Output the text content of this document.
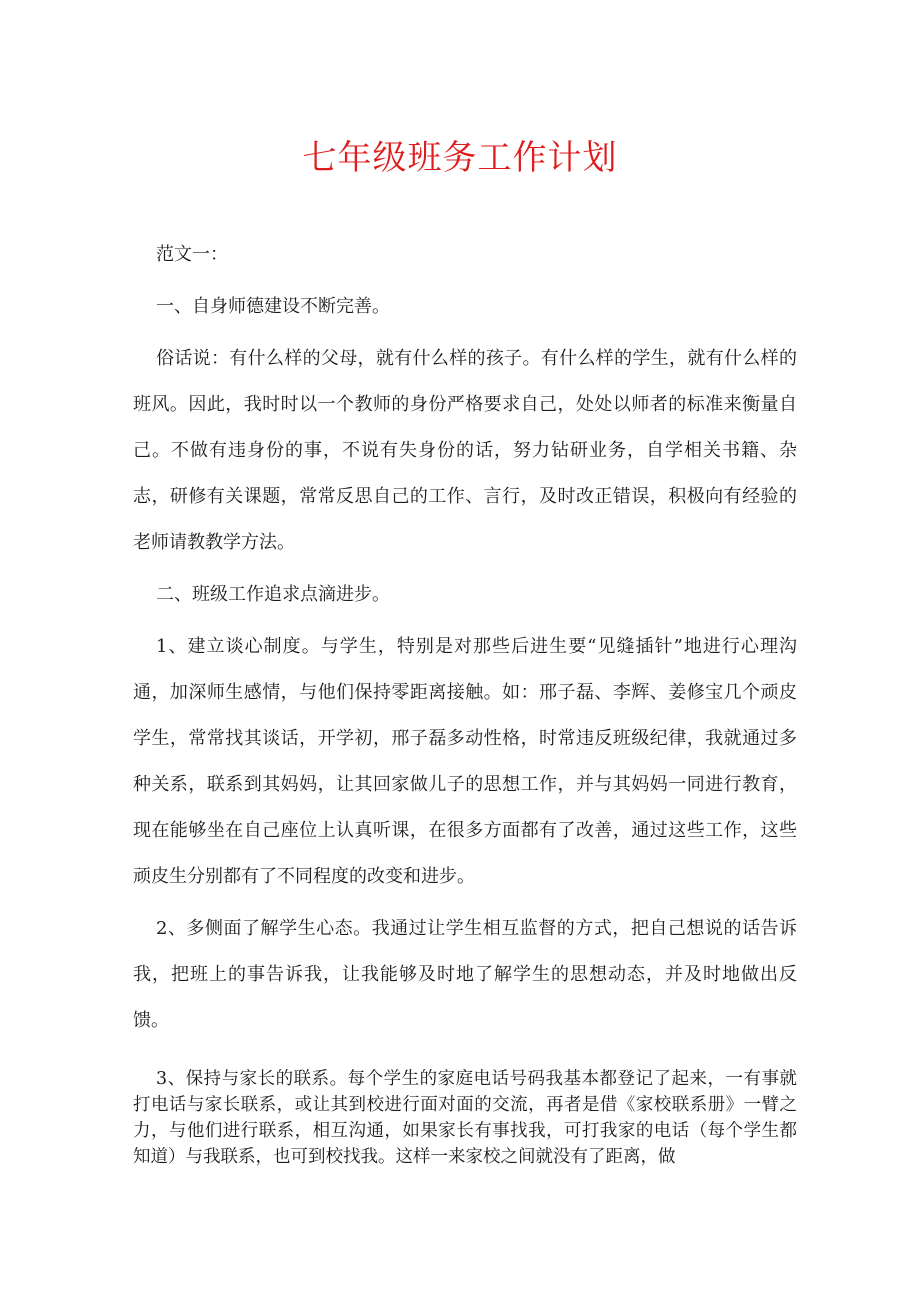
七年级班务工作计划

范文一：

一、自身师德建设不断完善。

俗话说：有什么样的父母，就有什么样的孩子。有什么样的学生，就有什么样的班风。因此，我时时以一个教师的身份严格要求自己，处处以师者的标准来衡量自己。不做有违身份的事，不说有失身份的话，努力钻研业务，自学相关书籍、杂志，研修有关课题，常常反思自己的工作、言行，及时改正错误，积极向有经验的老师请教教学方法。

二、班级工作追求点滴进步。

1、建立谈心制度。与学生，特别是对那些后进生要“见缝插针”地进行心理沟通，加深师生感情，与他们保持零距离接触。如：邢子磊、李辉、姜修宝几个顽皮学生，常常找其谈话，开学初，邢子磊多动性格，时常违反班级纪律，我就通过多种关系，联系到其妈妈，让其回家做儿子的思想工作，并与其妈妈一同进行教育，现在能够坐在自己座位上认真听课，在很多方面都有了改善，通过这些工作，这些顽皮生分别都有了不同程度的改变和进步。

2、多侧面了解学生心态。我通过让学生相互监督的方式，把自己想说的话告诉我，把班上的事告诉我，让我能够及时地了解学生的思想动态，并及时地做出反馈。

3、保持与家长的联系。每个学生的家庭电话号码我基本都登记了起来，一有事就打电话与家长联系，或让其到校进行面对面的交流，再者是借《家校联系册》一臂之力，与他们进行联系，相互沟通，如果家长有事找我，可打我家的电话（每个学生都知道）与我联系，也可到校找我。这样一来家校之间就没有了距离，做
